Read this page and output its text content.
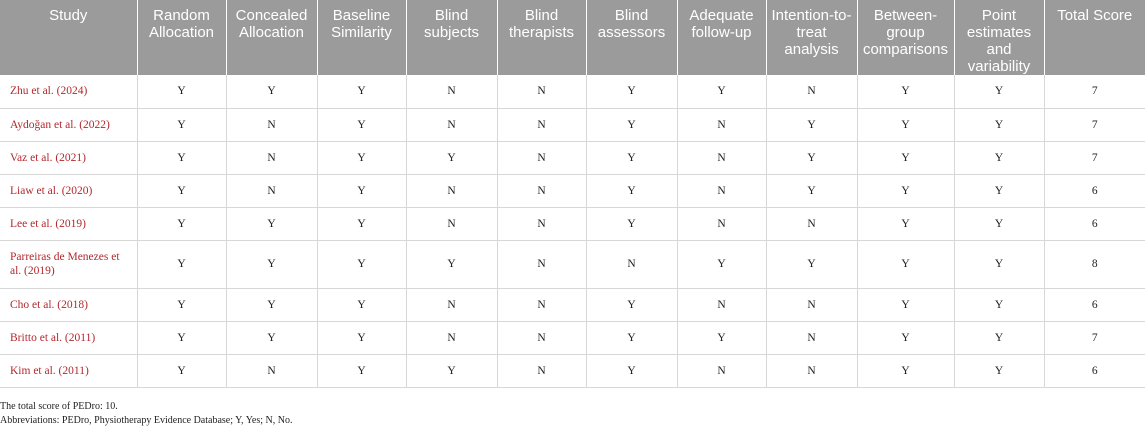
Study	Random Allocation	Concealed Allocation	Baseline Similarity	Blind subjects	Blind therapists	Blind assessors	Adequate follow-up	Intention-to-treat analysis	Between-group comparisons	Point estimates and variability	Total Score
Zhu et al. (2024)	Y	Y	Y	N	N	Y	Y	N	Y	Y	7
Aydoğan et al. (2022)	Y	N	Y	N	N	Y	N	Y	Y	Y	7
Vaz et al. (2021)	Y	N	Y	Y	N	Y	N	Y	Y	Y	7
Liaw et al. (2020)	Y	N	Y	N	N	Y	N	Y	Y	Y	6
Lee et al. (2019)	Y	Y	Y	N	N	Y	N	N	Y	Y	6
Parreiras de Menezes et al. (2019)	Y	Y	Y	Y	N	N	Y	Y	Y	Y	8
Cho et al. (2018)	Y	Y	Y	N	N	Y	N	N	Y	Y	6
Britto et al. (2011)	Y	Y	Y	N	N	Y	Y	N	Y	Y	7
Kim et al. (2011)	Y	N	Y	Y	N	Y	N	N	Y	Y	6
The total score of PEDro: 10.
Abbreviations: PEDro, Physiotherapy Evidence Database; Y, Yes; N, No.
